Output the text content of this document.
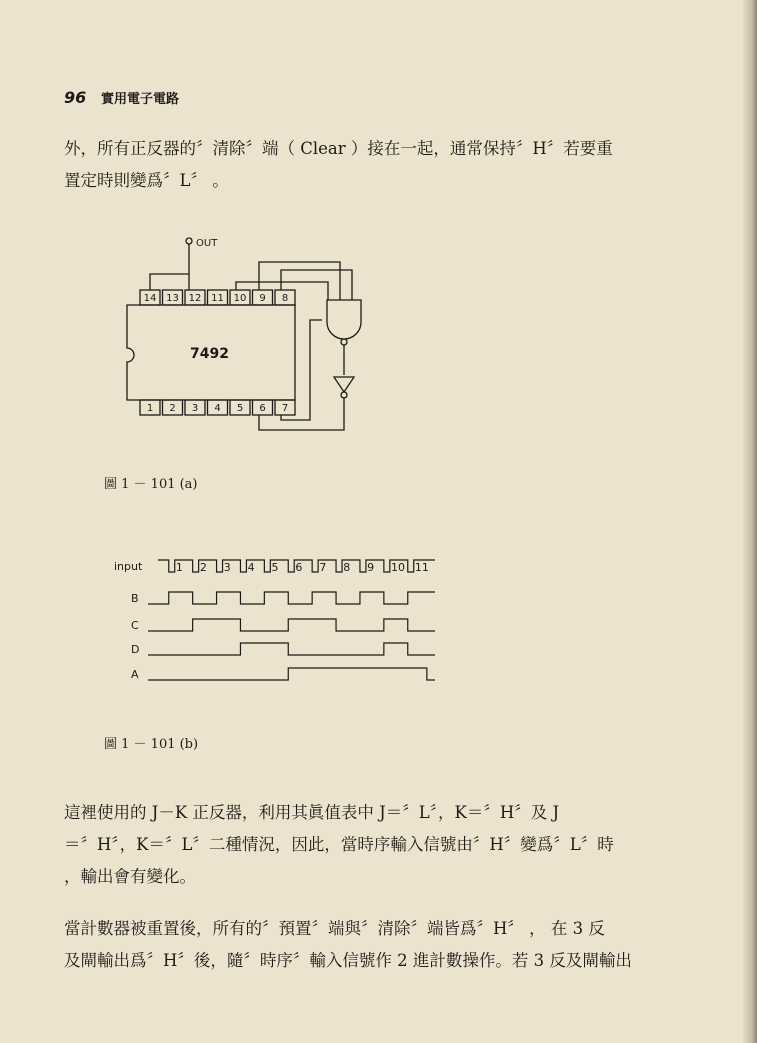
96 實用電子電路
外，所有正反器的〞清除〞端（ Clear ）接在一起，通常保持〞H〞若要重
置定時則變爲〞L〞 。
7492
14 13 12 11 10 9 8
1 2 3 4 5 6 7
OUT
圖 1 － 101 (a)
1 2 3 4 5 6 7 8 9 10 11
input
B
C
D
A
圖 1 － 101 (b)
這裡使用的 J－K 正反器，利用其眞值表中 J＝〞L〞，K＝〞H〞及 J
＝〞H〞，K＝〞L〞二種情況，因此，當時序輸入信號由〞H〞變爲〞L〞時
，輸出會有變化。
當計數器被重置後，所有的〞預置〞端與〞清除〞端皆爲〞H〞 ， 在 3 反
及閘輸出爲〞H〞後，隨〞時序〞輸入信號作 2 進計數操作。若 3 反及閘輸出
